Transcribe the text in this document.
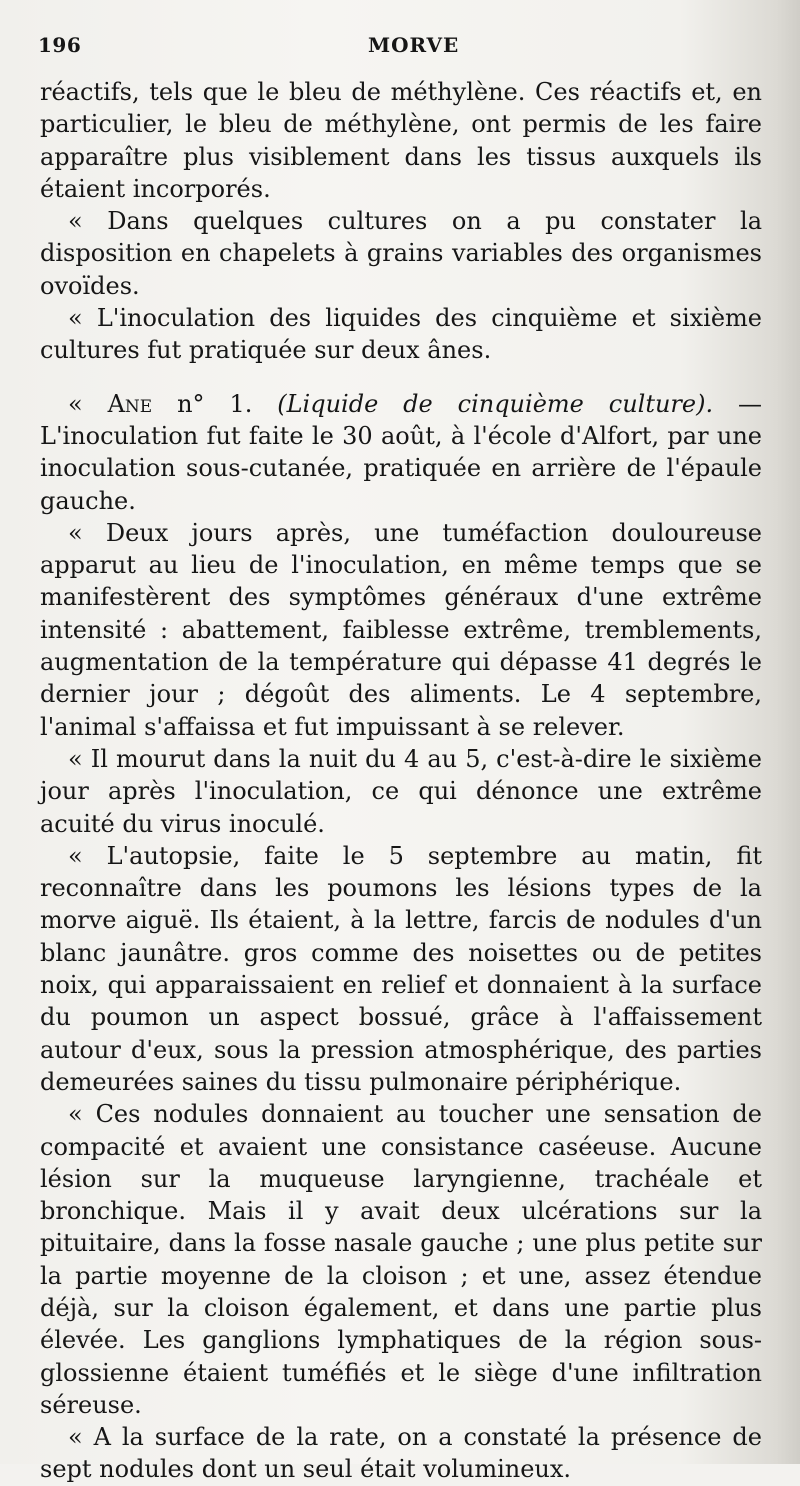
196	MORVE

réactifs, tels que le bleu de méthylène. Ces réactifs et, en particulier, le bleu de méthylène, ont permis de les faire apparaître plus visiblement dans les tissus auxquels ils étaient incorporés.

« Dans quelques cultures on a pu constater la disposition en chapelets à grains variables des organismes ovoïdes.

« L'inoculation des liquides des cinquième et sixième cultures fut pratiquée sur deux ânes.

« Ane n° 1. (Liquide de cinquième culture). — L'inoculation fut faite le 30 août, à l'école d'Alfort, par une inoculation sous-cutanée, pratiquée en arrière de l'épaule gauche.

« Deux jours après, une tuméfaction douloureuse apparut au lieu de l'inoculation, en même temps que se manifestèrent des symptômes généraux d'une extrême intensité : abattement, faiblesse extrême, tremblements, augmentation de la température qui dépasse 41 degrés le dernier jour ; dégoût des aliments. Le 4 septembre, l'animal s'affaissa et fut impuissant à se relever.

« Il mourut dans la nuit du 4 au 5, c'est-à-dire le sixième jour après l'inoculation, ce qui dénonce une extrême acuité du virus inoculé.

« L'autopsie, faite le 5 septembre au matin, fit reconnaître dans les poumons les lésions types de la morve aiguë. Ils étaient, à la lettre, farcis de nodules d'un blanc jaunâtre. gros comme des noisettes ou de petites noix, qui apparaissaient en relief et donnaient à la surface du poumon un aspect bossué, grâce à l'affaissement autour d'eux, sous la pression atmosphérique, des parties demeurées saines du tissu pulmonaire périphérique.

« Ces nodules donnaient au toucher une sensation de compacité et avaient une consistance caséeuse. Aucune lésion sur la muqueuse laryngienne, trachéale et bronchique. Mais il y avait deux ulcérations sur la pituitaire, dans la fosse nasale gauche ; une plus petite sur la partie moyenne de la cloison ; et une, assez étendue déjà, sur la cloison également, et dans une partie plus élevée. Les ganglions lymphatiques de la région sous-glossienne étaient tuméfiés et le siège d'une infiltration séreuse.

« A la surface de la rate, on a constaté la présence de sept nodules dont un seul était volumineux.
